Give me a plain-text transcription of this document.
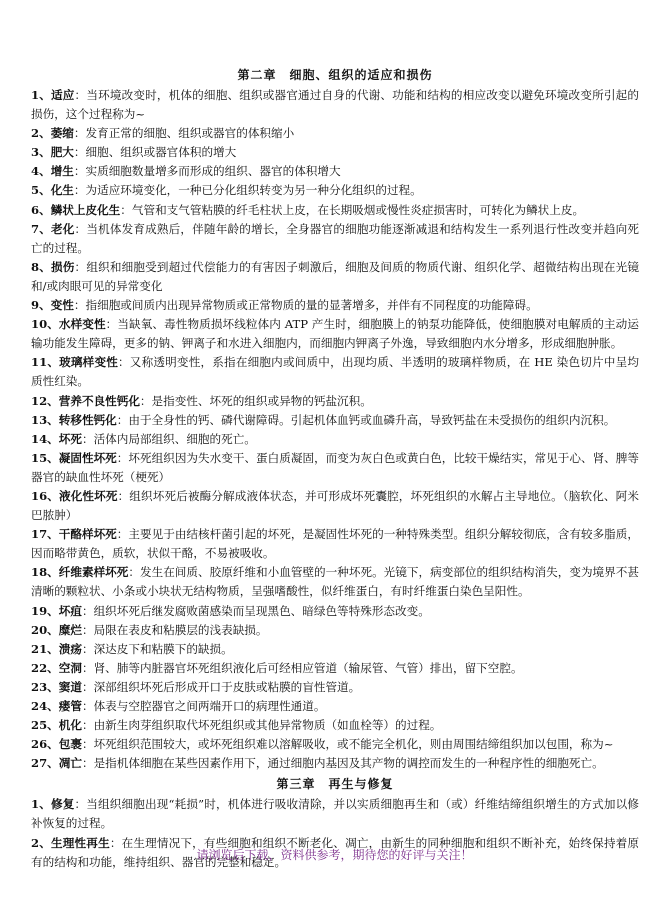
第二章　细胞、组织的适应和损伤
1、适应：当环境改变时，机体的细胞、组织或器官通过自身的代谢、功能和结构的相应改变以避免环境改变所引起的损伤，这个过程称为~
2、萎缩：发育正常的细胞、组织或器官的体积缩小
3、肥大：细胞、组织或器官体积的增大
4、增生：实质细胞数量增多而形成的组织、器官的体积增大
5、化生：为适应环境变化，一种已分化组织转变为另一种分化组织的过程。
6、鳞状上皮化生：气管和支气管粘膜的纤毛柱状上皮，在长期吸烟或慢性炎症损害时，可转化为鳞状上皮。
7、老化：当机体发育成熟后，伴随年龄的增长，全身器官的细胞功能逐渐减退和结构发生一系列退行性改变并趋向死亡的过程。
8、损伤：组织和细胞受到超过代偿能力的有害因子刺激后，细胞及间质的物质代谢、组织化学、超微结构出现在光镜和/或肉眼可见的异常变化
9、变性：指细胞或间质内出现异常物质或正常物质的量的显著增多，并伴有不同程度的功能障碍。
10、水样变性：当缺氧、毒性物质损坏线粒体内 ATP 产生时，细胞膜上的钠泵功能降低，使细胞膜对电解质的主动运输功能发生障碍，更多的钠、钾离子和水进入细胞内，而细胞内钾离子外逸，导致细胞内水分增多，形成细胞肿胀。
11、玻璃样变性：又称透明变性，系指在细胞内或间质中，出现均质、半透明的玻璃样物质，在 HE 染色切片中呈均质性红染。
12、营养不良性钙化：是指变性、坏死的组织或异物的钙盐沉积。
13、转移性钙化：由于全身性的钙、磷代谢障碍。引起机体血钙或血磷升高，导致钙盐在未受损伤的组织内沉积。
14、坏死：活体内局部组织、细胞的死亡。
15、凝固性坏死：坏死组织因为失水变干、蛋白质凝固，而变为灰白色或黄白色，比较干燥结实，常见于心、肾、脾等器官的缺血性坏死（梗死）
16、液化性坏死：组织坏死后被酶分解成液体状态，并可形成坏死囊腔，坏死组织的水解占主导地位。（脑软化、阿米巴脓肿）
17、干酪样坏死：主要见于由结核杆菌引起的坏死，是凝固性坏死的一种特殊类型。组织分解较彻底，含有较多脂质，因而略带黄色，质软，状似干酪，不易被吸收。
18、纤维素样坏死：发生在间质、胶原纤维和小血管壁的一种坏死。光镜下，病变部位的组织结构消失，变为境界不甚清晰的颗粒状、小条或小块状无结构物质，呈强嗜酸性，似纤维蛋白，有时纤维蛋白染色呈阳性。
19、坏疽：组织坏死后继发腐败菌感染而呈现黑色、暗绿色等特殊形态改变。
20、糜烂：局限在表皮和粘膜层的浅表缺损。
21、溃疡：深达皮下和粘膜下的缺损。
22、空洞：肾、肺等内脏器官坏死组织液化后可经相应管道（输尿管、气管）排出，留下空腔。
23、窦道：深部组织坏死后形成开口于皮肤或粘膜的盲性管道。
24、瘘管：体表与空腔器官之间两端开口的病理性通道。
25、机化：由新生肉芽组织取代坏死组织或其他异常物质（如血栓等）的过程。
26、包裹：坏死组织范围较大，或坏死组织难以溶解吸收，或不能完全机化，则由周围结缔组织加以包围，称为~
27、凋亡：是指机体细胞在某些因素作用下，通过细胞内基因及其产物的调控而发生的一种程序性的细胞死亡。
第三章　再生与修复
1、修复：当组织细胞出现“耗损”时，机体进行吸收清除，并以实质细胞再生和（或）纤维结缔组织增生的方式加以修补恢复的过程。
2、生理性再生：在生理情况下，有些细胞和组织不断老化、凋亡，由新生的同种细胞和组织不断补充，始终保持着原有的结构和功能，维持组织、器官的完整和稳定。
请浏览后下载，资料供参考，期待您的好评与关注！
